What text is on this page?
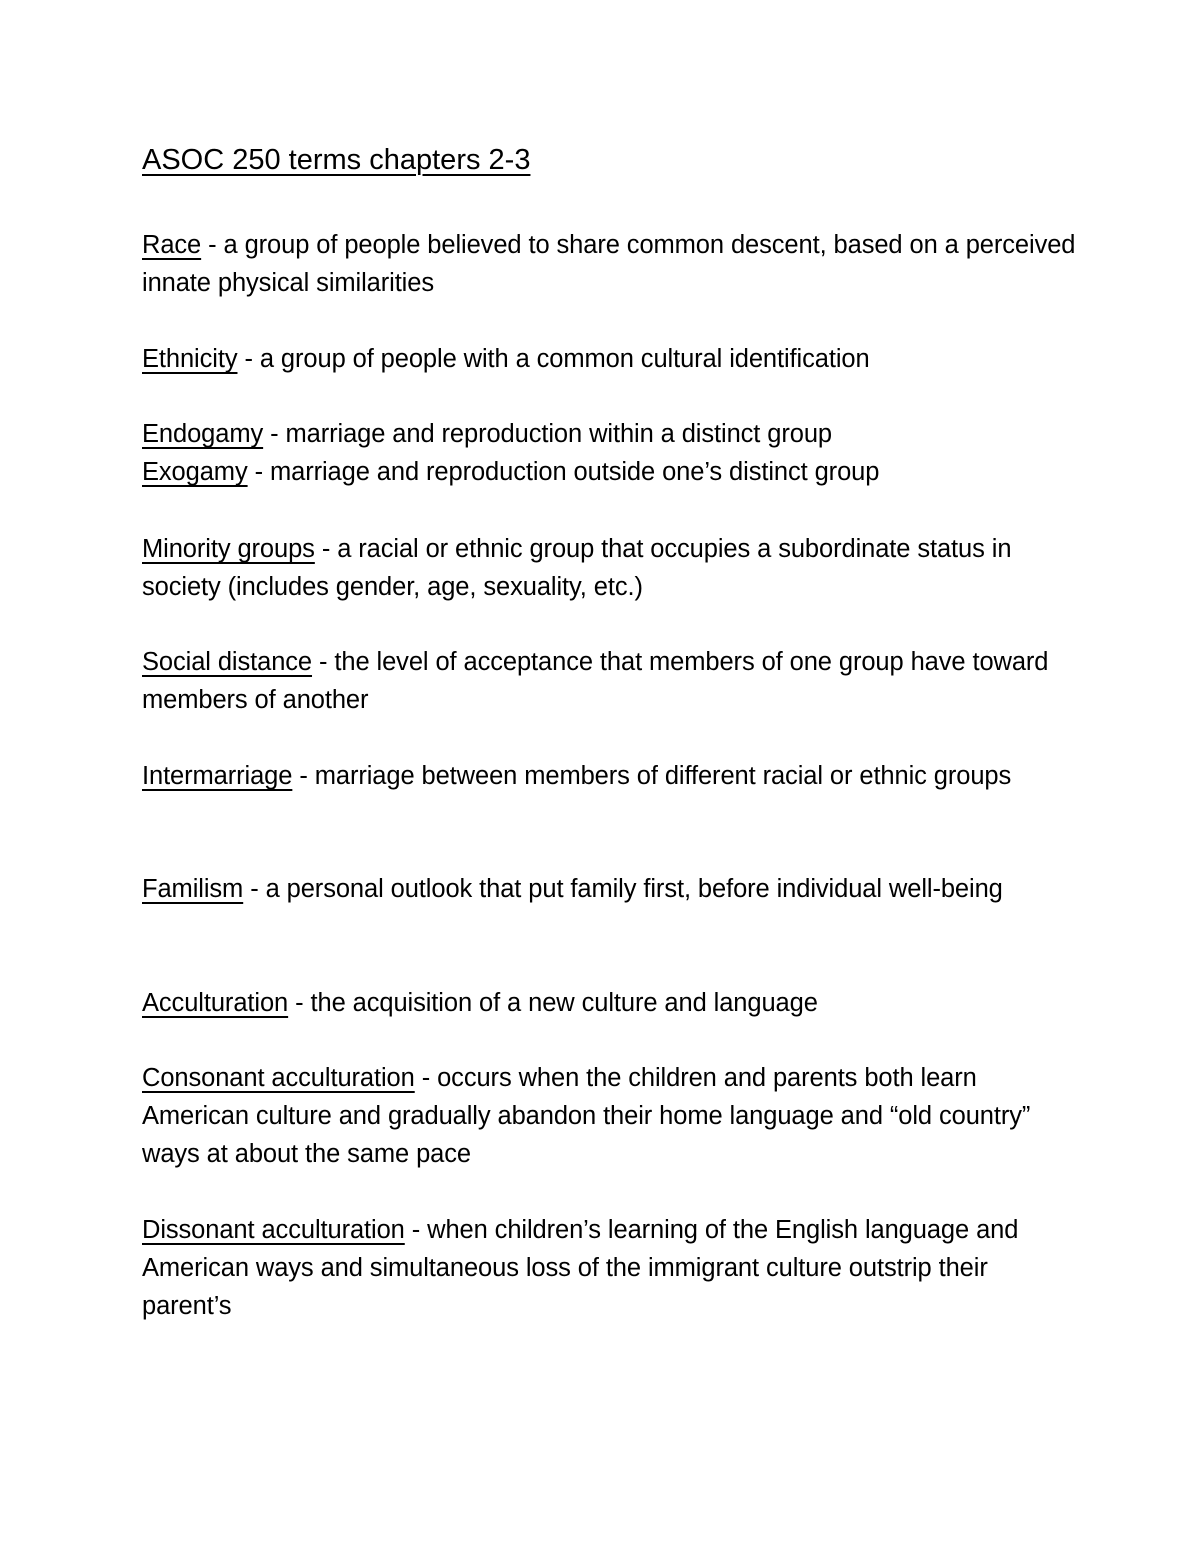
ASOC 250 terms chapters 2-3
Race - a group of people believed to share common descent, based on a perceived innate physical similarities
Ethnicity - a group of people with a common cultural identification
Endogamy - marriage and reproduction within a distinct group
Exogamy - marriage and reproduction outside one’s distinct group
Minority groups - a racial or ethnic group that occupies a subordinate status in society (includes gender, age, sexuality, etc.)
Social distance - the level of acceptance that members of one group have toward members of another
Intermarriage - marriage between members of different racial or ethnic groups
Familism - a personal outlook that put family first, before individual well-being
Acculturation - the acquisition of a new culture and language
Consonant acculturation - occurs when the children and parents both learn American culture and gradually abandon their home language and “old country” ways at about the same pace
Dissonant acculturation - when children’s learning of the English language and American ways and simultaneous loss of the immigrant culture outstrip their parent’s
